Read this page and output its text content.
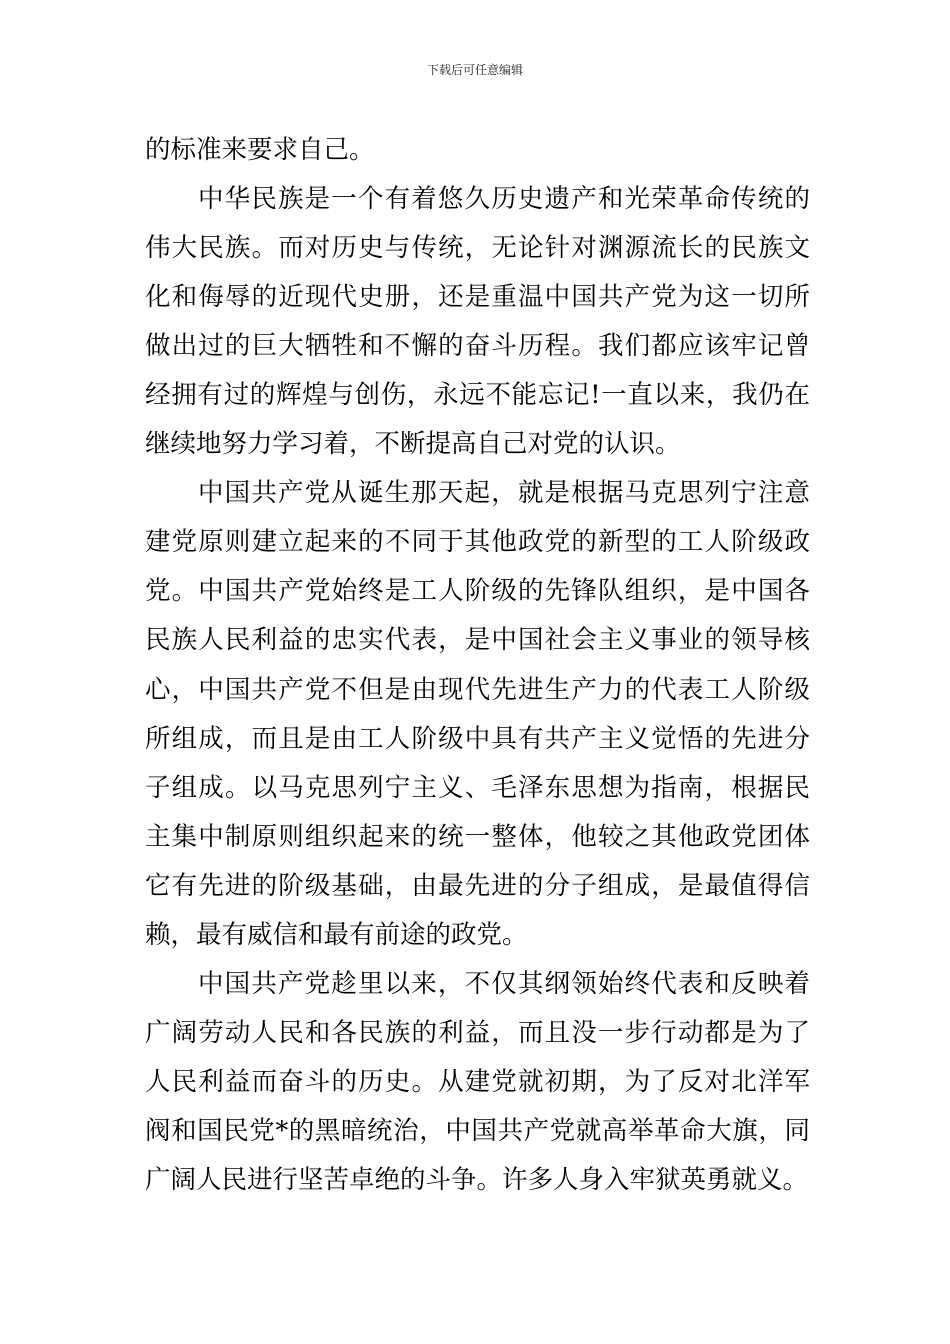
下载后可任意编辑
的标准来要求自己。
中华民族是一个有着悠久历史遗产和光荣革命传统的
伟大民族。而对历史与传统，无论针对渊源流长的民族文
化和侮辱的近现代史册，还是重温中国共产党为这一切所
做出过的巨大牺牲和不懈的奋斗历程。我们都应该牢记曾
经拥有过的辉煌与创伤，永远不能忘记!一直以来，我仍在
继续地努力学习着，不断提高自己对党的认识。
中国共产党从诞生那天起，就是根据马克思列宁注意
建党原则建立起来的不同于其他政党的新型的工人阶级政
党。中国共产党始终是工人阶级的先锋队组织，是中国各
民族人民利益的忠实代表，是中国社会主义事业的领导核
心，中国共产党不但是由现代先进生产力的代表工人阶级
所组成，而且是由工人阶级中具有共产主义觉悟的先进分
子组成。以马克思列宁主义、毛泽东思想为指南，根据民
主集中制原则组织起来的统一整体，他较之其他政党团体
它有先进的阶级基础，由最先进的分子组成，是最值得信
赖，最有威信和最有前途的政党。
中国共产党趁里以来，不仅其纲领始终代表和反映着
广阔劳动人民和各民族的利益，而且没一步行动都是为了
人民利益而奋斗的历史。从建党就初期，为了反对北洋军
阀和国民党*的黑暗统治，中国共产党就高举革命大旗，同
广阔人民进行坚苦卓绝的斗争。许多人身入牢狱英勇就义。
